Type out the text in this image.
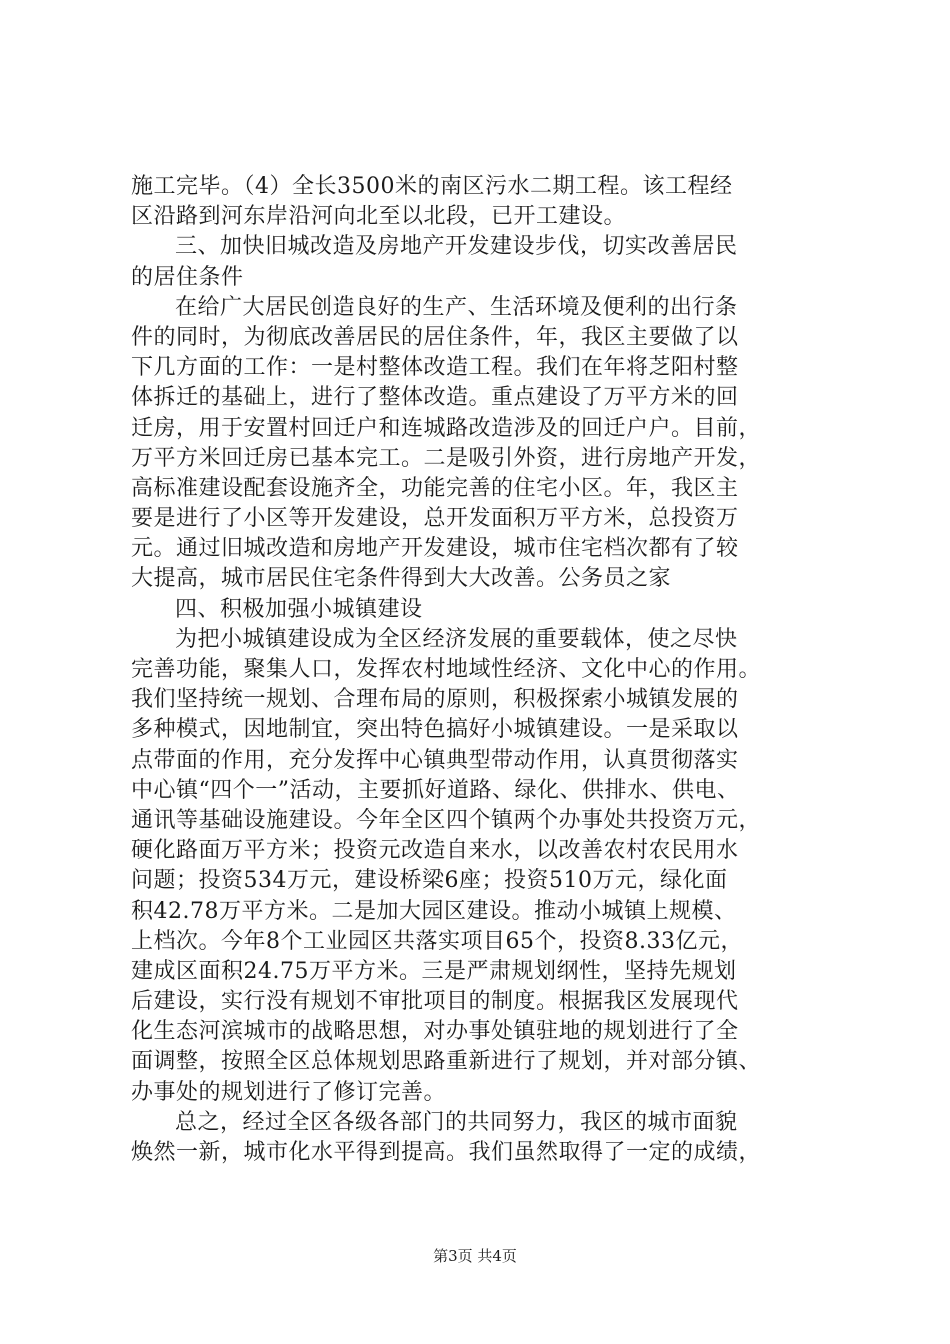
施工完毕。（4）全长3500米的南区污水二期工程。该工程经
区沿路到河东岸沿河向北至以北段，已开工建设。
三、加快旧城改造及房地产开发建设步伐，切实改善居民
的居住条件
在给广大居民创造良好的生产、生活环境及便利的出行条
件的同时，为彻底改善居民的居住条件，年，我区主要做了以
下几方面的工作：一是村整体改造工程。我们在年将芝阳村整
体拆迁的基础上，进行了整体改造。重点建设了万平方米的回
迁房，用于安置村回迁户和连城路改造涉及的回迁户户。目前，
万平方米回迁房已基本完工。二是吸引外资，进行房地产开发，
高标准建设配套设施齐全，功能完善的住宅小区。年，我区主
要是进行了小区等开发建设，总开发面积万平方米，总投资万
元。通过旧城改造和房地产开发建设，城市住宅档次都有了较
大提高，城市居民住宅条件得到大大改善。公务员之家
四、积极加强小城镇建设
为把小城镇建设成为全区经济发展的重要载体，使之尽快
完善功能，聚集人口，发挥农村地域性经济、文化中心的作用。
我们坚持统一规划、合理布局的原则，积极探索小城镇发展的
多种模式，因地制宜，突出特色搞好小城镇建设。一是采取以
点带面的作用，充分发挥中心镇典型带动作用，认真贯彻落实
中心镇“四个一”活动，主要抓好道路、绿化、供排水、供电、
通讯等基础设施建设。今年全区四个镇两个办事处共投资万元，
硬化路面万平方米；投资元改造自来水，以改善农村农民用水
问题；投资534万元，建设桥梁6座；投资510万元，绿化面
积42.78万平方米。二是加大园区建设。推动小城镇上规模、
上档次。今年8个工业园区共落实项目65个，投资8.33亿元，
建成区面积24.75万平方米。三是严肃规划纲性，坚持先规划
后建设，实行没有规划不审批项目的制度。根据我区发展现代
化生态河滨城市的战略思想，对办事处镇驻地的规划进行了全
面调整，按照全区总体规划思路重新进行了规划，并对部分镇、
办事处的规划进行了修订完善。
总之，经过全区各级各部门的共同努力，我区的城市面貌
焕然一新，城市化水平得到提高。我们虽然取得了一定的成绩，
第3页 共4页
